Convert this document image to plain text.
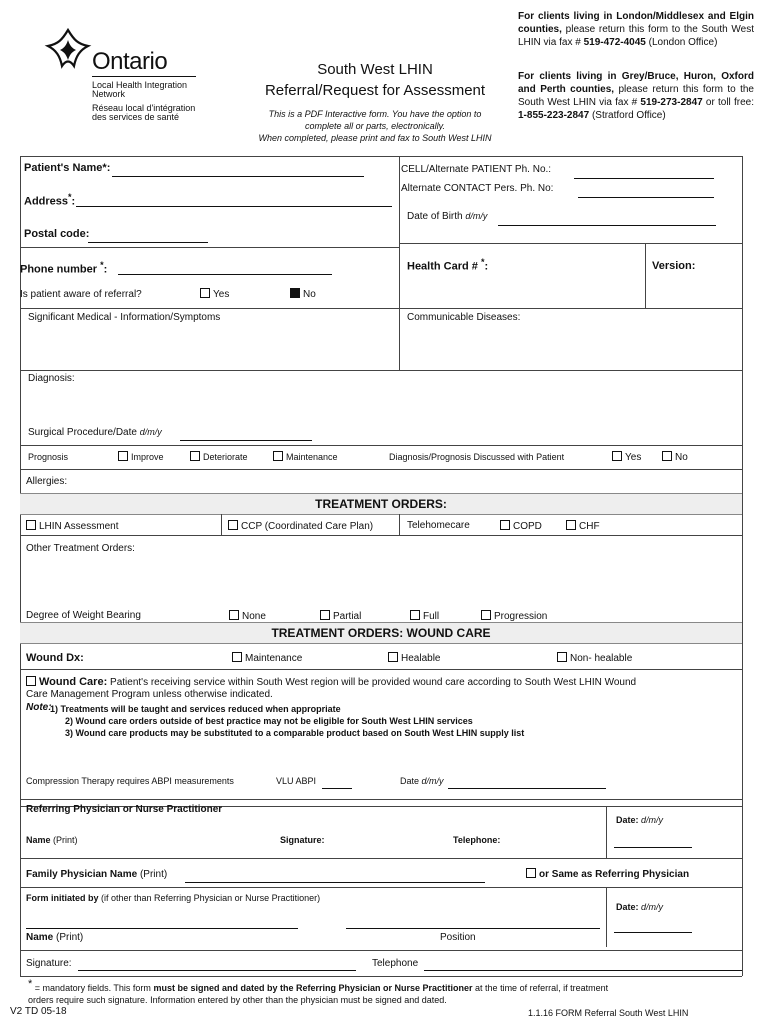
Ontario
Local Health Integration
Network
Réseau local d'intégration
des services de santé
South West LHIN
Referral/Request for Assessment
This is a PDF Interactive form. You have the option to
complete all or parts, electronically.
When completed, please print and fax to South West LHIN
For clients living in London/Middlesex and Elgin counties, please return this form to the South West LHIN via fax # 519-472-4045 (London Office)
For clients living in Grey/Bruce, Huron, Oxford and Perth counties, please return this form to the South West LHIN via fax # 519-273-2847 or toll free: 1-855-223-2847 (Stratford Office)
Patient's Name*:
Address*:
Postal code:
Phone number *:
Is patient aware of referral?	Yes	No
CELL/Alternate PATIENT Ph. No.:
Alternate CONTACT Pers. Ph. No:
Date of Birth d/m/y
Health Card # *:	Version:
Significant Medical - Information/Symptoms	Communicable Diseases:
Diagnosis:
Surgical Procedure/Date d/m/y
Prognosis	Improve	Deteriorate	Maintenance	Diagnosis/Prognosis Discussed with Patient	Yes	No
Allergies:
TREATMENT ORDERS:
LHIN Assessment	CCP (Coordinated Care Plan)	Telehomecare	COPD	CHF
Other Treatment Orders:
Degree of Weight Bearing	None	Partial	Full	Progression
TREATMENT ORDERS: WOUND CARE
Wound Dx:	Maintenance	Healable	Non- healable
Wound Care: Patient's receiving service within South West region will be provided wound care according to South West LHIN Wound
Care Management Program unless otherwise indicated.
Note:
1) Treatments will be taught and services reduced when appropriate
2) Wound care orders outside of best practice may not be eligible for South West LHIN services
3) Wound care products may be substituted to a comparable product based on South West LHIN supply list
Compression Therapy requires ABPI measurements	VLU ABPI	Date d/m/y
Referring Physician or Nurse Practitioner
Date: d/m/y
Name (Print)	Signature:	Telephone:
Family Physician Name (Print)	or Same as Referring Physician
Form initiated by (if other than Referring Physician or Nurse Practitioner)
Date: d/m/y
Name (Print)	Position
Signature:	Telephone
* = mandatory fields. This form must be signed and dated by the Referring Physician or Nurse Practitioner at the time of referral, if treatment
orders require such signature. Information entered by other than the physician must be signed and dated.
V2 TD 05-18	1.1.16 FORM Referral South West LHIN
